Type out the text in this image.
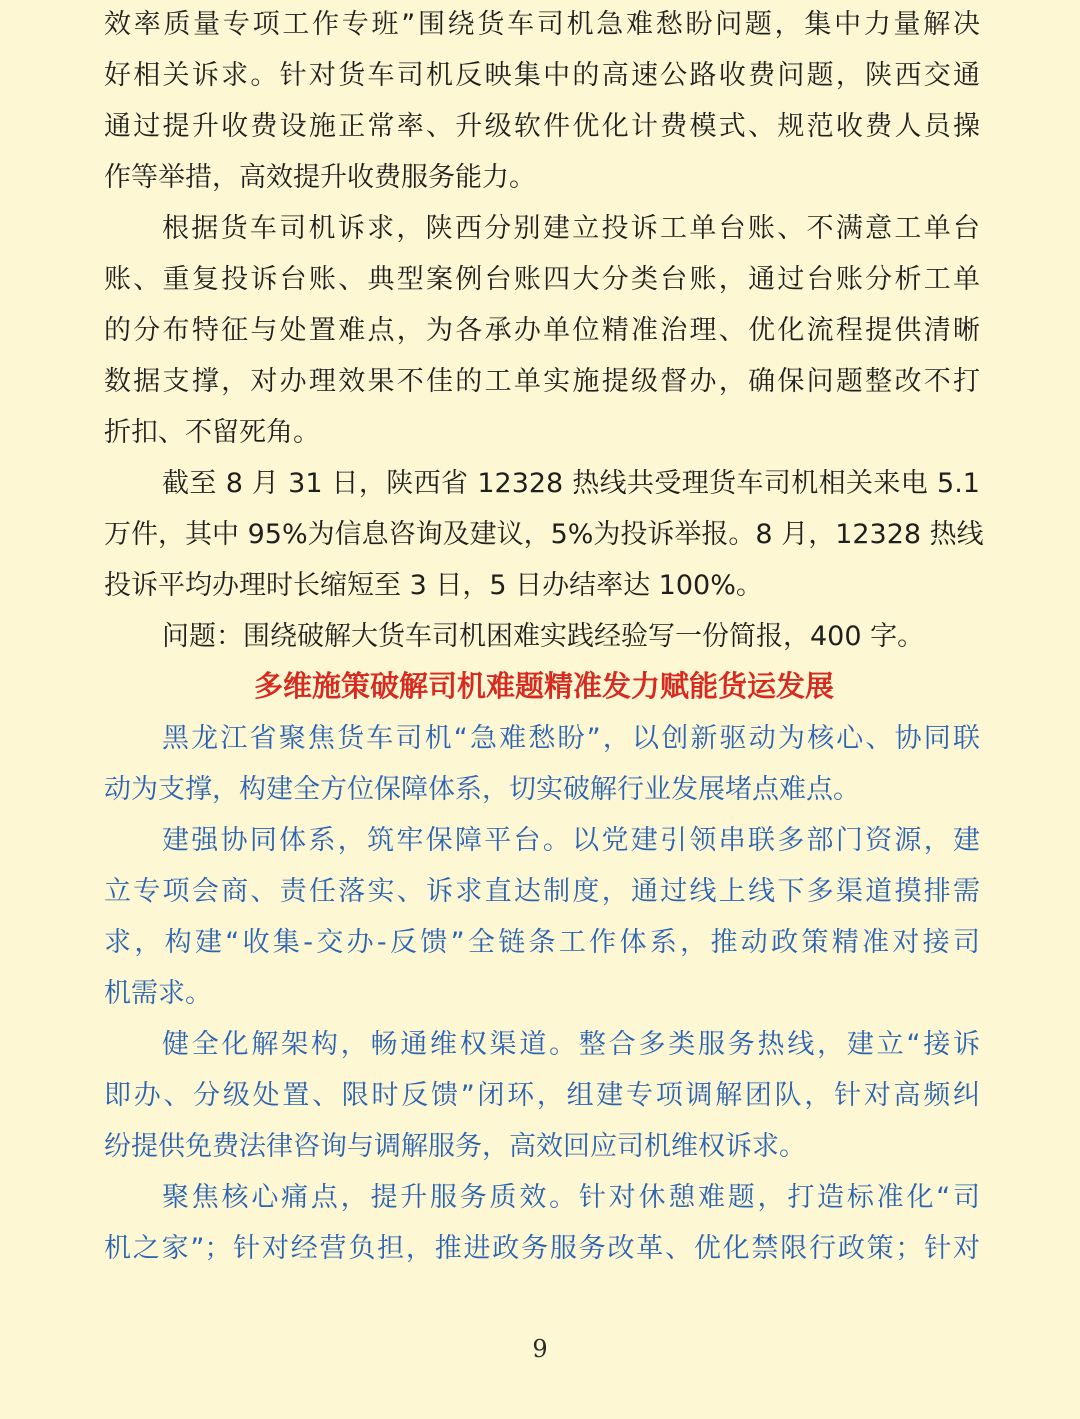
效率质量专项工作专班”围绕货车司机急难愁盼问题，集中力量解决
好相关诉求。针对货车司机反映集中的高速公路收费问题，陕西交通
通过提升收费设施正常率、升级软件优化计费模式、规范收费人员操
作等举措，高效提升收费服务能力。
根据货车司机诉求，陕西分别建立投诉工单台账、不满意工单台
账、重复投诉台账、典型案例台账四大分类台账，通过台账分析工单
的分布特征与处置难点，为各承办单位精准治理、优化流程提供清晰
数据支撑，对办理效果不佳的工单实施提级督办，确保问题整改不打
折扣、不留死角。
截至 8 月 31 日，陕西省 12328 热线共受理货车司机相关来电 5.1
万件，其中 95%为信息咨询及建议，5%为投诉举报。8 月，12328 热线
投诉平均办理时长缩短至 3 日，5 日办结率达 100%。
问题：围绕破解大货车司机困难实践经验写一份简报，400 字。
多维施策破解司机难题精准发力赋能货运发展
黑龙江省聚焦货车司机“急难愁盼”，以创新驱动为核心、协同联
动为支撑，构建全方位保障体系，切实破解行业发展堵点难点。
建强协同体系，筑牢保障平台。以党建引领串联多部门资源，建
立专项会商、责任落实、诉求直达制度，通过线上线下多渠道摸排需
求，构建“收集-交办-反馈”全链条工作体系，推动政策精准对接司
机需求。
健全化解架构，畅通维权渠道。整合多类服务热线，建立“接诉
即办、分级处置、限时反馈”闭环，组建专项调解团队，针对高频纠
纷提供免费法律咨询与调解服务，高效回应司机维权诉求。
聚焦核心痛点，提升服务质效。针对休憩难题，打造标准化“司
机之家”；针对经营负担，推进政务服务改革、优化禁限行政策；针对
9
